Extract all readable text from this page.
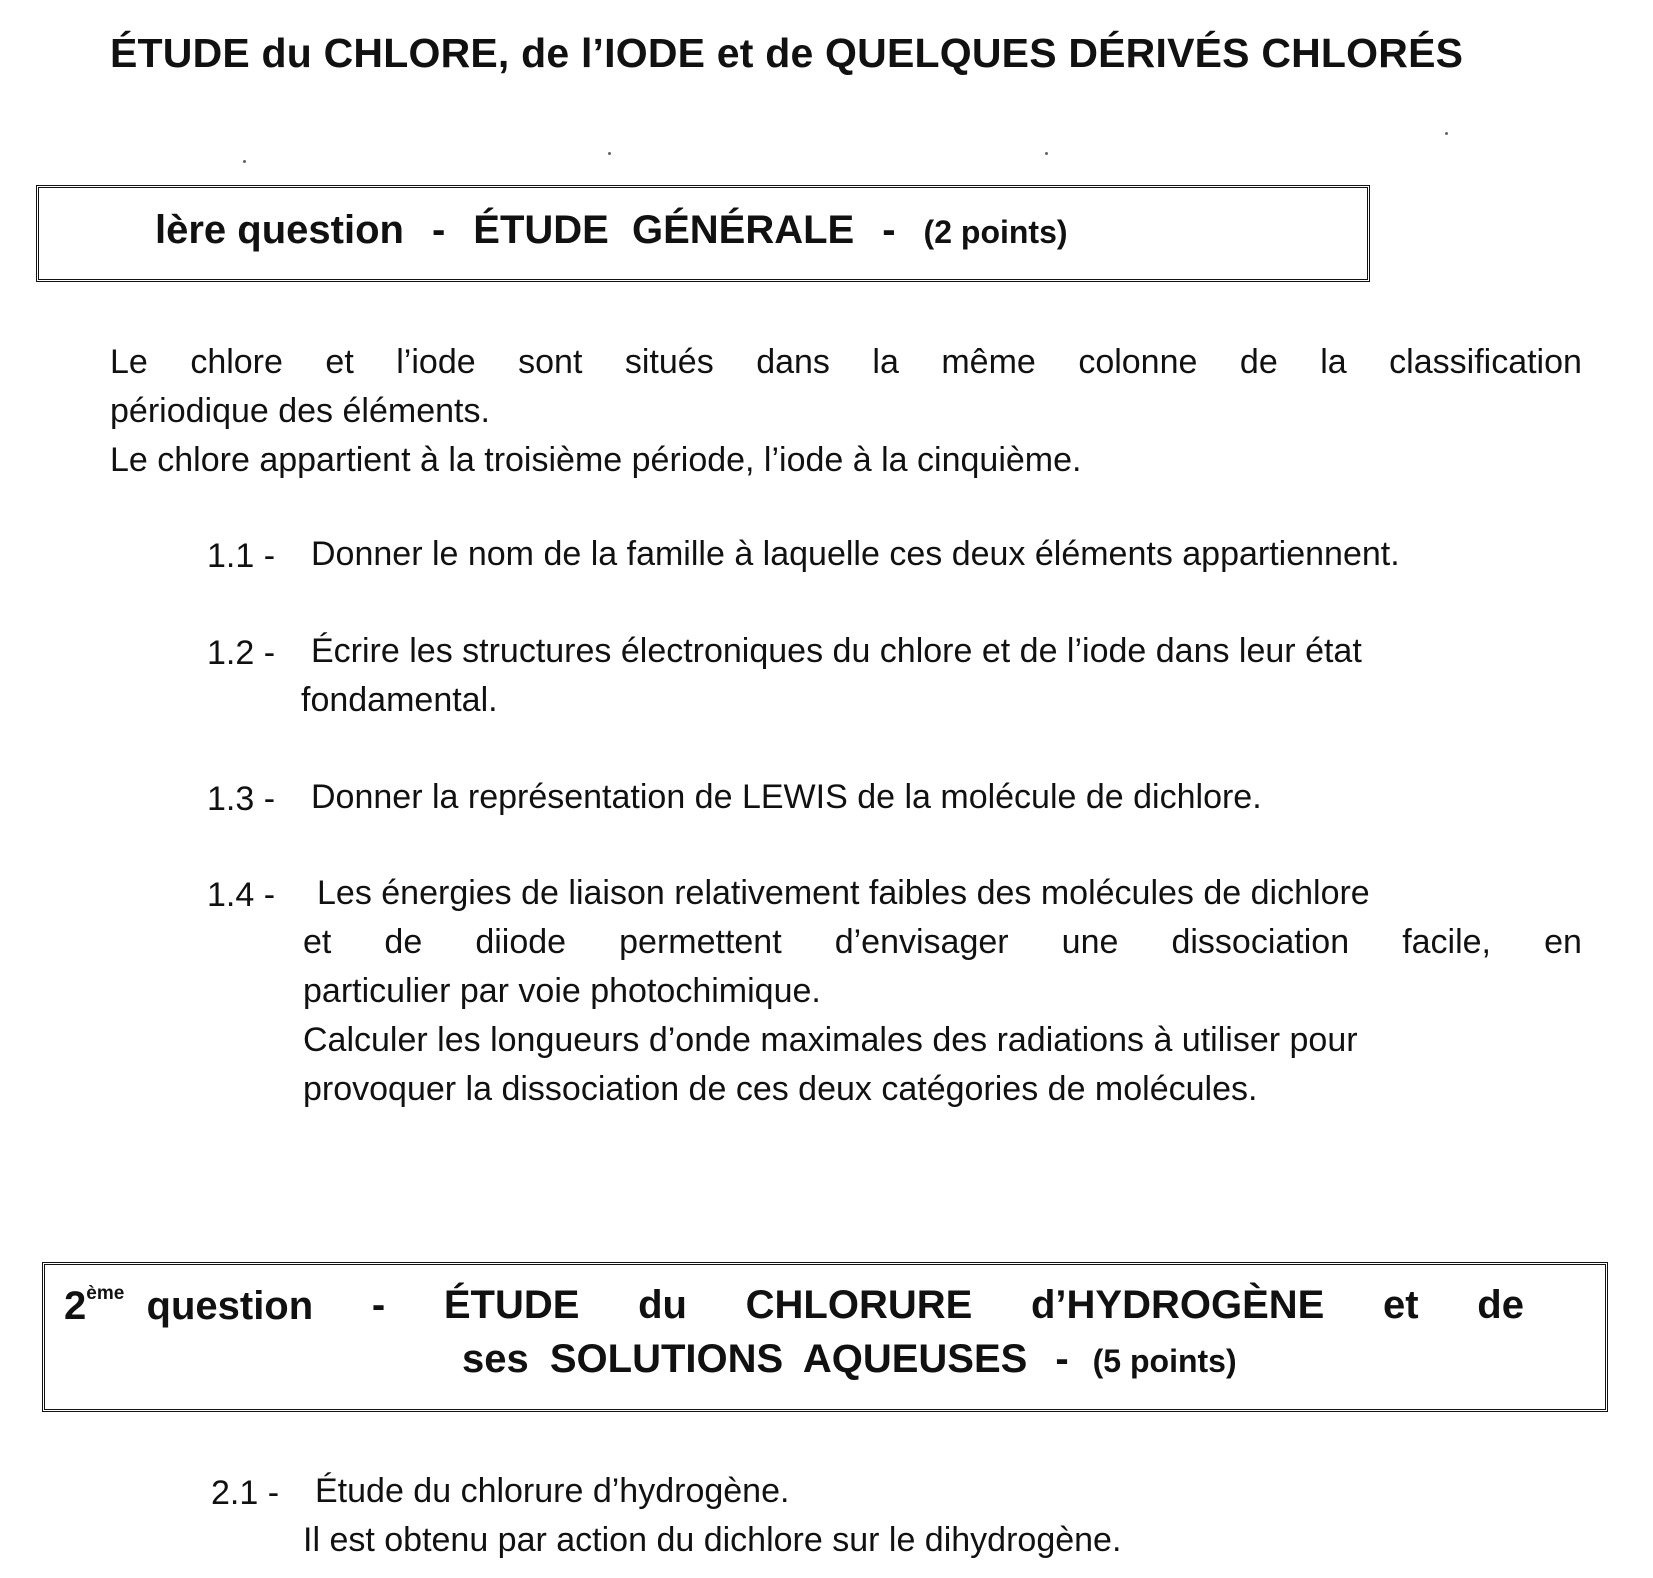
ÉTUDE du CHLORE, de l’IODE et de QUELQUES DÉRIVÉS CHLORÉS
lère question - ÉTUDE GÉNÉRALE - (2 points)
Le chlore et l’iode sont situés dans la même colonne de la classification
périodique des éléments.
Le chlore appartient à la troisième période, l’iode à la cinquième.
1.1 - Donner le nom de la famille à laquelle ces deux éléments appartiennent.
1.2 - Écrire les structures électroniques du chlore et de l’iode dans leur état
fondamental.
1.3 - Donner la représentation de LEWIS de la molécule de dichlore.
1.4 - Les énergies de liaison relativement faibles des molécules de dichlore
et de diiode permettent d’envisager une dissociation facile, en
particulier par voie photochimique.
Calculer les longueurs d’onde maximales des radiations à utiliser pour
provoquer la dissociation de ces deux catégories de molécules.
2ème question - ÉTUDE du CHLORURE d’HYDROGÈNE et de
ses SOLUTIONS AQUEUSES - (5 points)
2.1 - Étude du chlorure d’hydrogène.
Il est obtenu par action du dichlore sur le dihydrogène.
